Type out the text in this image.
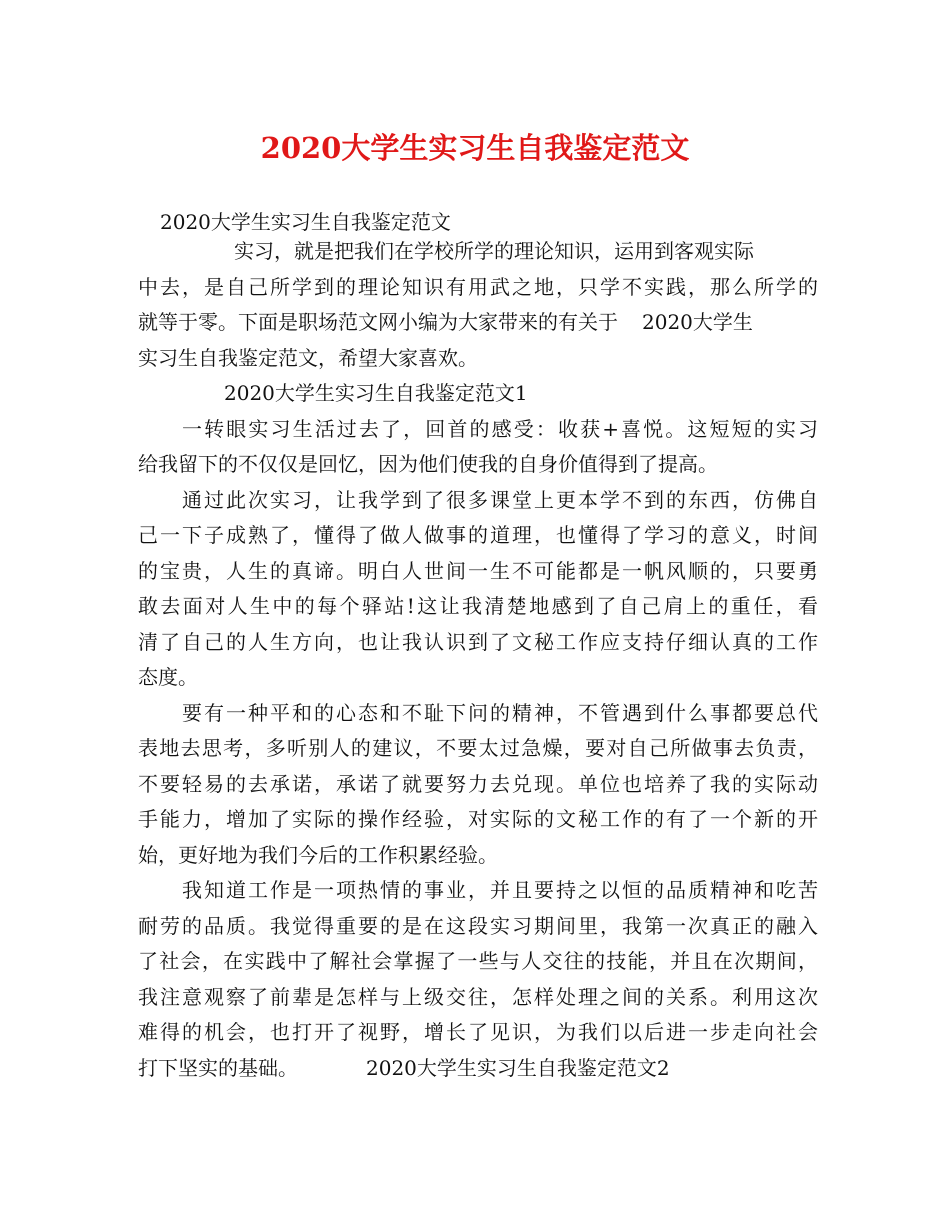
2020大学生实习生自我鉴定范文
2020大学生实习生自我鉴定范文
实习，就是把我们在学校所学的理论知识，运用到客观实际
中去，是自己所学到的理论知识有用武之地，只学不实践，那么所学的
就等于零。下面是职场范文网小编为大家带来的有关于 2020大学生
实习生自我鉴定范文，希望大家喜欢。
2020大学生实习生自我鉴定范文1
一转眼实习生活过去了，回首的感受：收获+喜悦。这短短的实习
给我留下的不仅仅是回忆，因为他们使我的自身价值得到了提高。
通过此次实习，让我学到了很多课堂上更本学不到的东西，仿佛自
己一下子成熟了，懂得了做人做事的道理，也懂得了学习的意义，时间
的宝贵，人生的真谛。明白人世间一生不可能都是一帆风顺的，只要勇
敢去面对人生中的每个驿站!这让我清楚地感到了自己肩上的重任，看
清了自己的人生方向，也让我认识到了文秘工作应支持仔细认真的工作
态度。
要有一种平和的心态和不耻下问的精神，不管遇到什么事都要总代
表地去思考，多听别人的建议，不要太过急燥，要对自己所做事去负责，
不要轻易的去承诺，承诺了就要努力去兑现。单位也培养了我的实际动
手能力，增加了实际的操作经验，对实际的文秘工作的有了一个新的开
始，更好地为我们今后的工作积累经验。
我知道工作是一项热情的事业，并且要持之以恒的品质精神和吃苦
耐劳的品质。我觉得重要的是在这段实习期间里，我第一次真正的融入
了社会，在实践中了解社会掌握了一些与人交往的技能，并且在次期间，
我注意观察了前辈是怎样与上级交往，怎样处理之间的关系。利用这次
难得的机会，也打开了视野，增长了见识，为我们以后进一步走向社会
打下坚实的基础。	2020大学生实习生自我鉴定范文2
